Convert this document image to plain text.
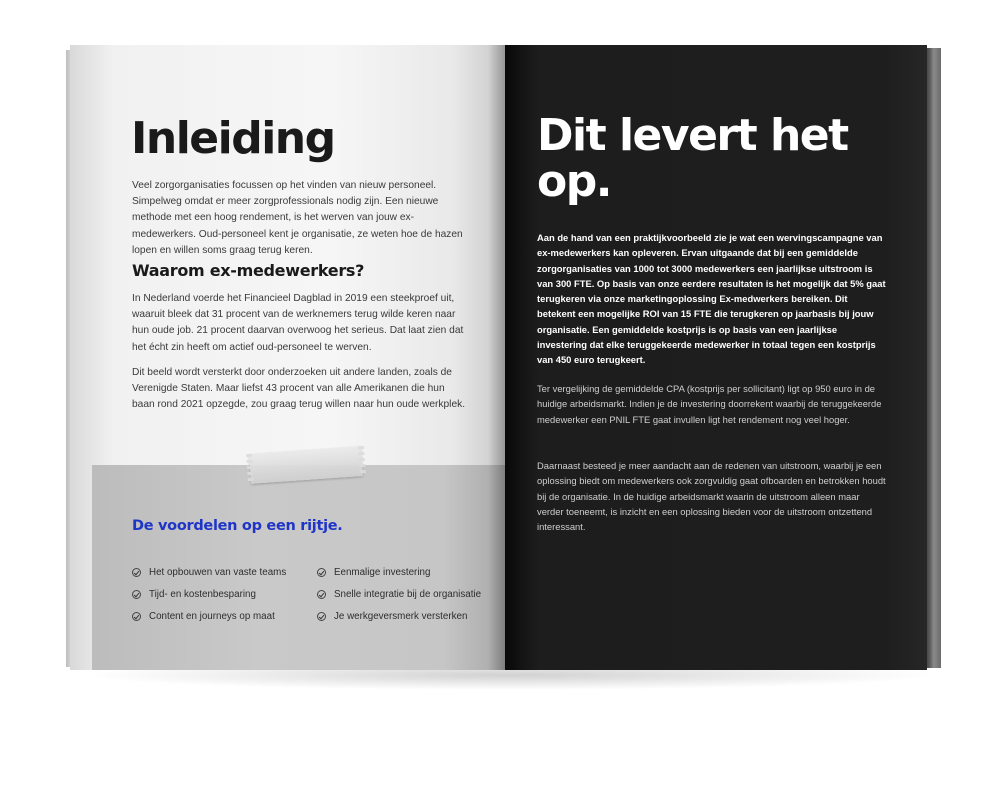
Inleiding
Veel zorgorganisaties focussen op het vinden van nieuw personeel. Simpelweg omdat er meer zorgprofessionals nodig zijn. Een nieuwe methode met een hoog rendement, is het werven van jouw ex-medewerkers. Oud-personeel kent je organisatie, ze weten hoe de hazen lopen en willen soms graag terug keren.
Waarom ex-medewerkers?
In Nederland voerde het Financieel Dagblad in 2019 een steekproef uit, waaruit bleek dat 31 procent van de werknemers terug wilde keren naar hun oude job. 21 procent daarvan overwoog het serieus. Dat laat zien dat het écht zin heeft om actief oud-personeel te werven.
Dit beeld wordt versterkt door onderzoeken uit andere landen, zoals de Verenigde Staten. Maar liefst 43 procent van alle Amerikanen die hun baan rond 2021 opzegde, zou graag terug willen naar hun oude werkplek.
De voordelen op een rijtje.
Het opbouwen van vaste teams	Eenmalige investering
Tijd- en kostenbesparing	Snelle integratie bij de organisatie
Content en journeys op maat	Je werkgeversmerk versterken
Dit levert het op.
Aan de hand van een praktijkvoorbeeld zie je wat een wervingscampagne van ex-medewerkers kan opleveren. Ervan uitgaande dat bij een gemiddelde zorgorganisaties van 1000 tot 3000 medewerkers een jaarlijkse uitstroom is van 300 FTE. Op basis van onze eerdere resultaten is het mogelijk dat 5% gaat terugkeren via onze marketingoplossing Ex-medwerkers bereiken. Dit betekent een mogelijke ROI van 15 FTE die terugkeren op jaarbasis bij jouw organisatie. Een gemiddelde kostprijs is op basis van een jaarlijkse investering dat elke teruggekeerde medewerker in totaal tegen een kostprijs van 450 euro terugkeert.
Ter vergelijking de gemiddelde CPA (kostprijs per sollicitant) ligt op 950 euro in de huidige arbeidsmarkt. Indien je de investering doorrekent waarbij de teruggekeerde medewerker een PNIL FTE gaat invullen ligt het rendement nog veel hoger.
Daarnaast besteed je meer aandacht aan de redenen van uitstroom, waarbij je een oplossing biedt om medewerkers ook zorgvuldig gaat ofboarden en betrokken houdt bij de organisatie. In de huidige arbeidsmarkt waarin de uitstroom alleen maar verder toeneemt, is inzicht en een oplossing bieden voor de uitstroom ontzettend interessant.
